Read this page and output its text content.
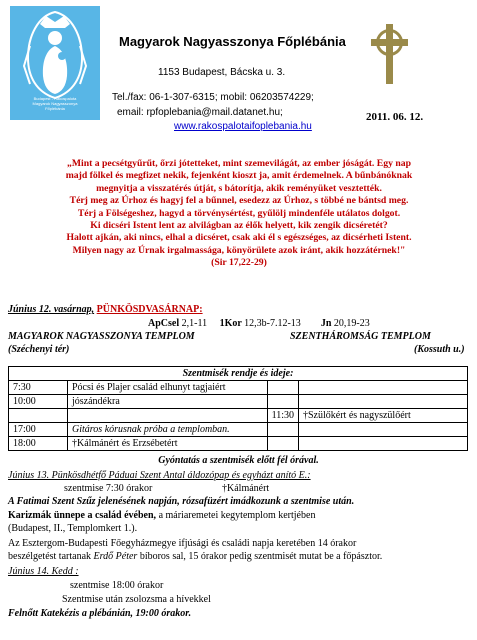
Budapest - Rákospalota
Magyarok Nagyasszonya
Főplébánia
Magyarok Nagyasszonya Főplébánia
1153 Budapest, Bácska u. 3.
Tel./fax: 06-1-307-6315; mobil: 06203574229;
email: rpfoplebania@mail.datanet.hu;
www.rakospalotaifoplebania.hu
2011. 06. 12.
„Mint a pecsétgyűrűt, őrzi jótetteket, mint szemevilágát, az ember jóságát. Egy nap
majd fölkel és megfizet nekik, fejenként kioszt ja, amit érdemelnek. A bűnbánóknak
megnyitja a visszatérés útját, s bátorítja, akik reményüket vesztették.
Térj meg az Úrhoz és hagyj fel a bűnnel, esedezz az Úrhoz, s többé ne bántsd meg.
Térj a Fölségeshez, hagyd a törvénysértést, gyűlölj mindenféle utálatos dolgot.
Ki dicséri Istent lent az alvilágban az élők helyett, kik zengik dicséretét?
Halott ajkán, aki nincs, elhal a dicséret, csak aki él s egészséges, az dicsérheti Istent.
Milyen nagy az Úrnak irgalmassága, könyörülete azok iránt, akik hozzátérnek!"
(Sir 17,22-29)
Június 12. vasárnap, PÜNKÖSDVASÁRNAP:
ApCsel 2,1-11 1Kor 12,3b-7.12-13 Jn 20,19-23
MAGYAROK NAGYASSZONYA TEMPLOM
(Széchenyi tér)
SZENTHÁROMSÁG TEMPLOM
(Kossuth u.)
Szentmisék rendje és ideje:			
7:30	Pócsi és Plajer család elhunyt tagjaiért		
10:00	jószándékra		
		11:30	†Szülőkért és nagyszülőért
17:00	Gitáros kórusnak próba a templomban.		
18:00	†Kálmánért és Erzsébetért		
Gyóntatás a szentmisék előtt fél órával.
Június 13. Pünkösdhétfő Páduai Szent Antal áldozópap és egyházt anító E.:
szentmise 7:30 órakor	†Kálmánért
A Fatimai Szent Szűz jelenésének napján, rózsafüzért imádkozunk a szentmise után.
Karizmák ünnepe a család évében, a máriaremetei kegytemplom kertjében
(Budapest, II., Templomkert 1.).
Az Esztergom-Budapesti Főegyházmegye ifjúsági és családi napja keretében 14 órakor
beszélgetést tartanak Erdő Péter bíboros sal, 15 órakor pedig szentmisét mutat be a főpásztor.
Június 14. Kedd :
szentmise 18:00 órakor
Szentmise után zsolozsma a hívekkel
Felnőtt Katekézis a plébánián, 19:00 órakor.
